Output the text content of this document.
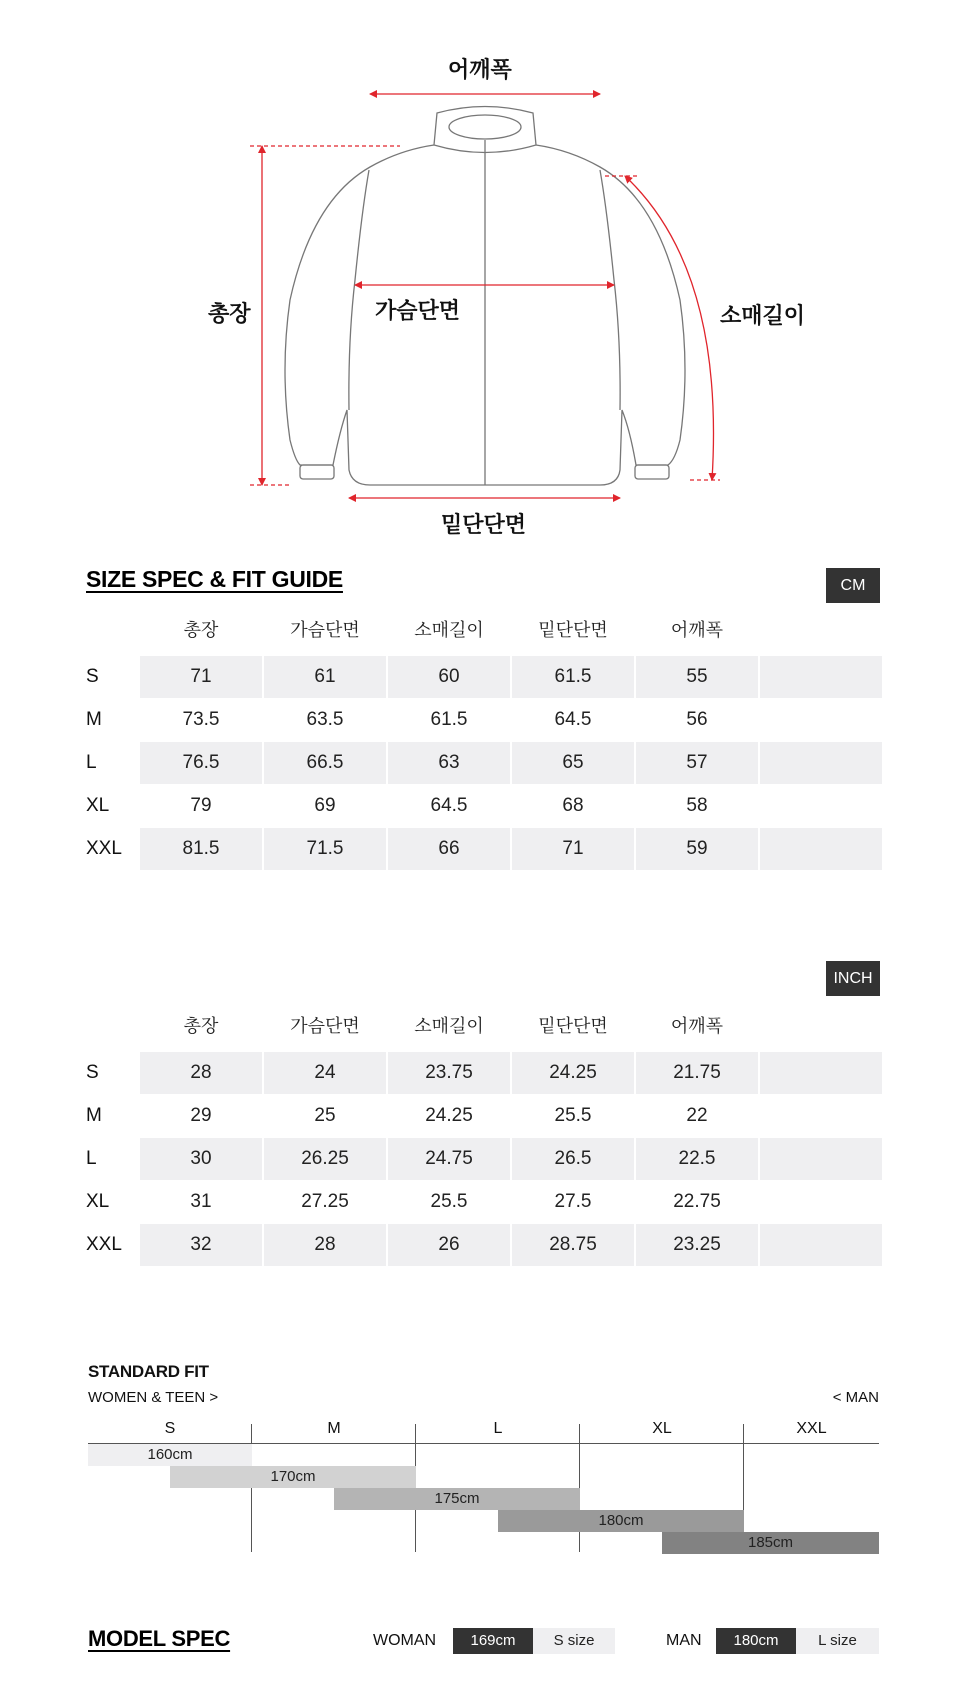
어깨폭
총장	가슴단면	소매길이
밑단단면
SIZE SPEC & FIT GUIDE	CM
총장	가슴단면	소매길이	밑단단면	어깨폭
S	71	61	60	61.5	55
M	73.5	63.5	61.5	64.5	56
L	76.5	66.5	63	65	57
XL	79	69	64.5	68	58
XXL	81.5	71.5	66	71	59
INCH
총장	가슴단면	소매길이	밑단단면	어깨폭
S	28	24	23.75	24.25	21.75
M	29	25	24.25	25.5	22
L	30	26.25	24.75	26.5	22.5
XL	31	27.25	25.5	27.5	22.75
XXL	32	28	26	28.75	23.25
STANDARD FIT
WOMEN & TEEN >	< MAN
S	M	L	XL	XXL
160cm
170cm
175cm
180cm
185cm
MODEL SPEC	WOMAN	169cm	S size	MAN	180cm	L size
